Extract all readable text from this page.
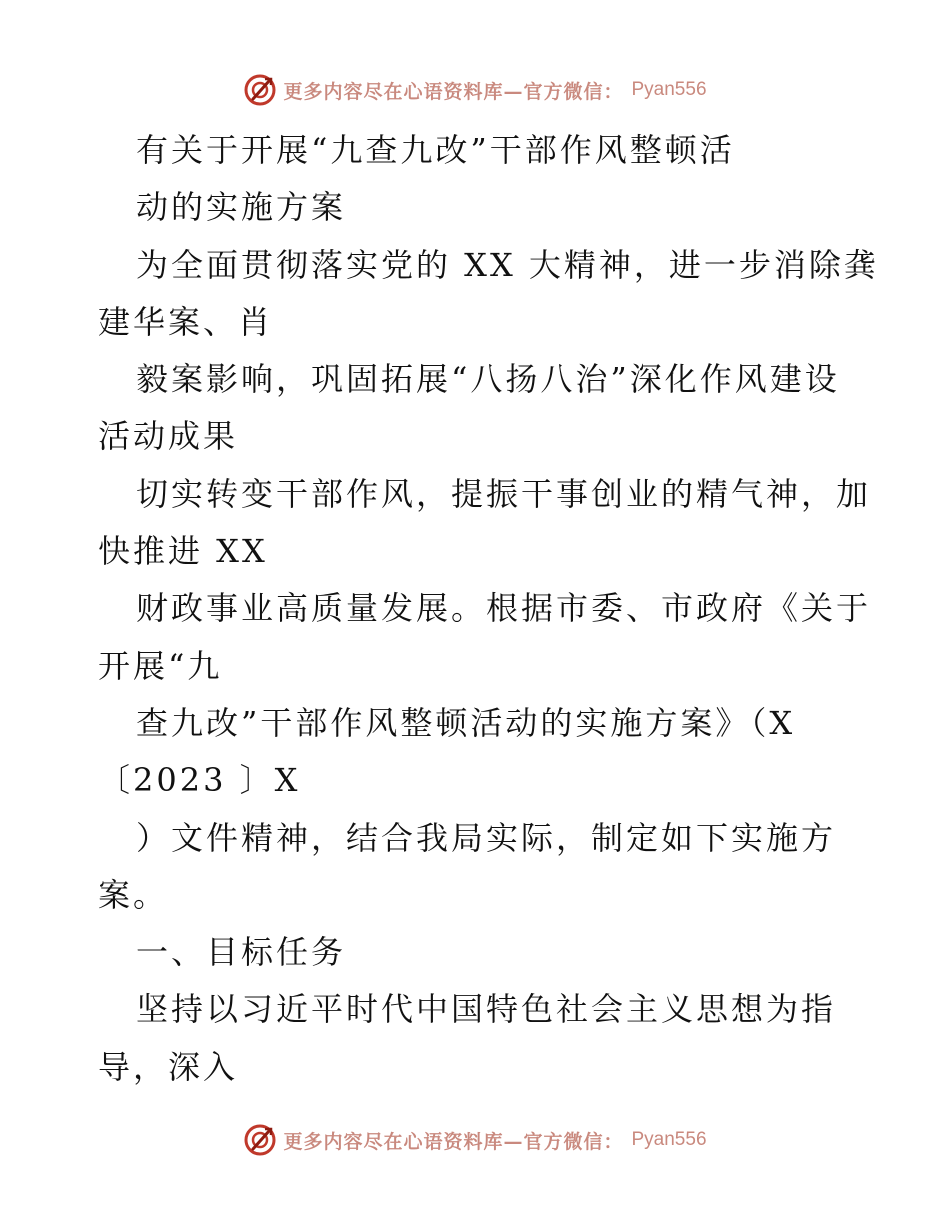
更多内容尽在心语资料库—官方微信： Pyan556
有关于开展“九查九改”干部作风整顿活
动的实施方案
为全面贯彻落实党的 XX 大精神，进一步消除龚
建华案、肖
毅案影响，巩固拓展“八扬八治”深化作风建设
活动成果
切实转变干部作风，提振干事创业的精气神，加
快推进 XX
财政事业高质量发展。根据市委、市政府《关于
开展“九
查九改”干部作风整顿活动的实施方案》（X
〔2023 〕X
）文件精神，结合我局实际，制定如下实施方
案。
一、目标任务
坚持以习近平时代中国特色社会主义思想为指
导，深入
更多内容尽在心语资料库—官方微信： Pyan556
